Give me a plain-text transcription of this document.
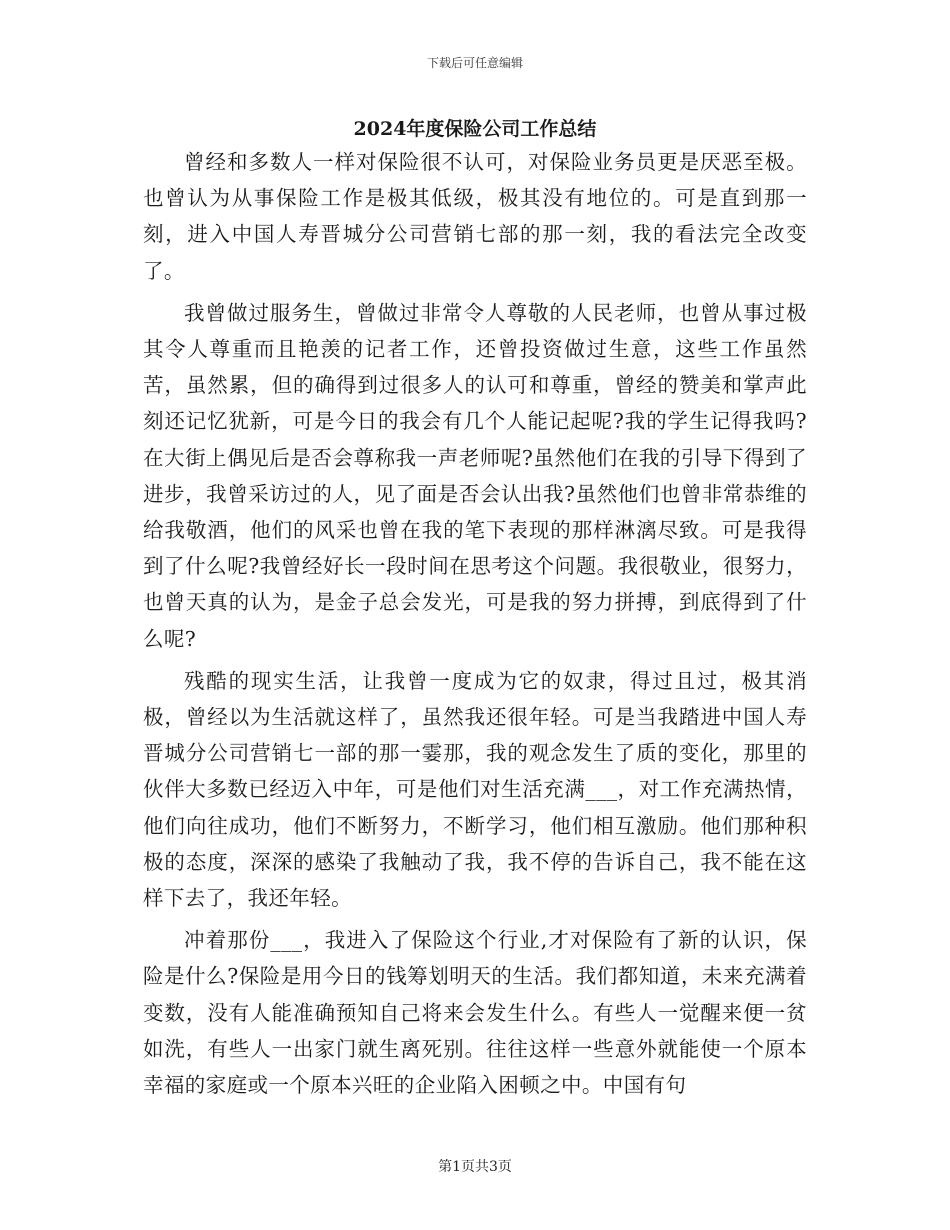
下载后可任意编辑
2024年度保险公司工作总结

曾经和多数人一样对保险很不认可，对保险业务员更是厌恶至极。也曾认为从事保险工作是极其低级，极其没有地位的。可是直到那一刻，进入中国人寿晋城分公司营销七部的那一刻，我的看法完全改变了。

我曾做过服务生，曾做过非常令人尊敬的人民老师，也曾从事过极其令人尊重而且艳羡的记者工作，还曾投资做过生意，这些工作虽然苦，虽然累，但的确得到过很多人的认可和尊重，曾经的赞美和掌声此刻还记忆犹新，可是今日的我会有几个人能记起呢?我的学生记得我吗?在大街上偶见后是否会尊称我一声老师呢?虽然他们在我的引导下得到了进步，我曾采访过的人，见了面是否会认出我?虽然他们也曾非常恭维的给我敬酒，他们的风采也曾在我的笔下表现的那样淋漓尽致。可是我得到了什么呢?我曾经好长一段时间在思考这个问题。我很敬业，很努力，也曾天真的认为，是金子总会发光，可是我的努力拼搏，到底得到了什么呢?

残酷的现实生活，让我曾一度成为它的奴隶，得过且过，极其消极，曾经以为生活就这样了，虽然我还很年轻。可是当我踏进中国人寿晋城分公司营销七一部的那一霎那，我的观念发生了质的变化，那里的伙伴大多数已经迈入中年，可是他们对生活充满___，对工作充满热情，他们向往成功，他们不断努力，不断学习，他们相互激励。他们那种积极的态度，深深的感染了我触动了我，我不停的告诉自己，我不能在这样下去了，我还年轻。

冲着那份___，我进入了保险这个行业,才对保险有了新的认识，保险是什么?保险是用今日的钱筹划明天的生活。我们都知道，未来充满着变数，没有人能准确预知自己将来会发生什么。有些人一觉醒来便一贫如洗，有些人一出家门就生离死别。往往这样一些意外就能使一个原本幸福的家庭或一个原本兴旺的企业陷入困顿之中。中国有句

第1页共3页
